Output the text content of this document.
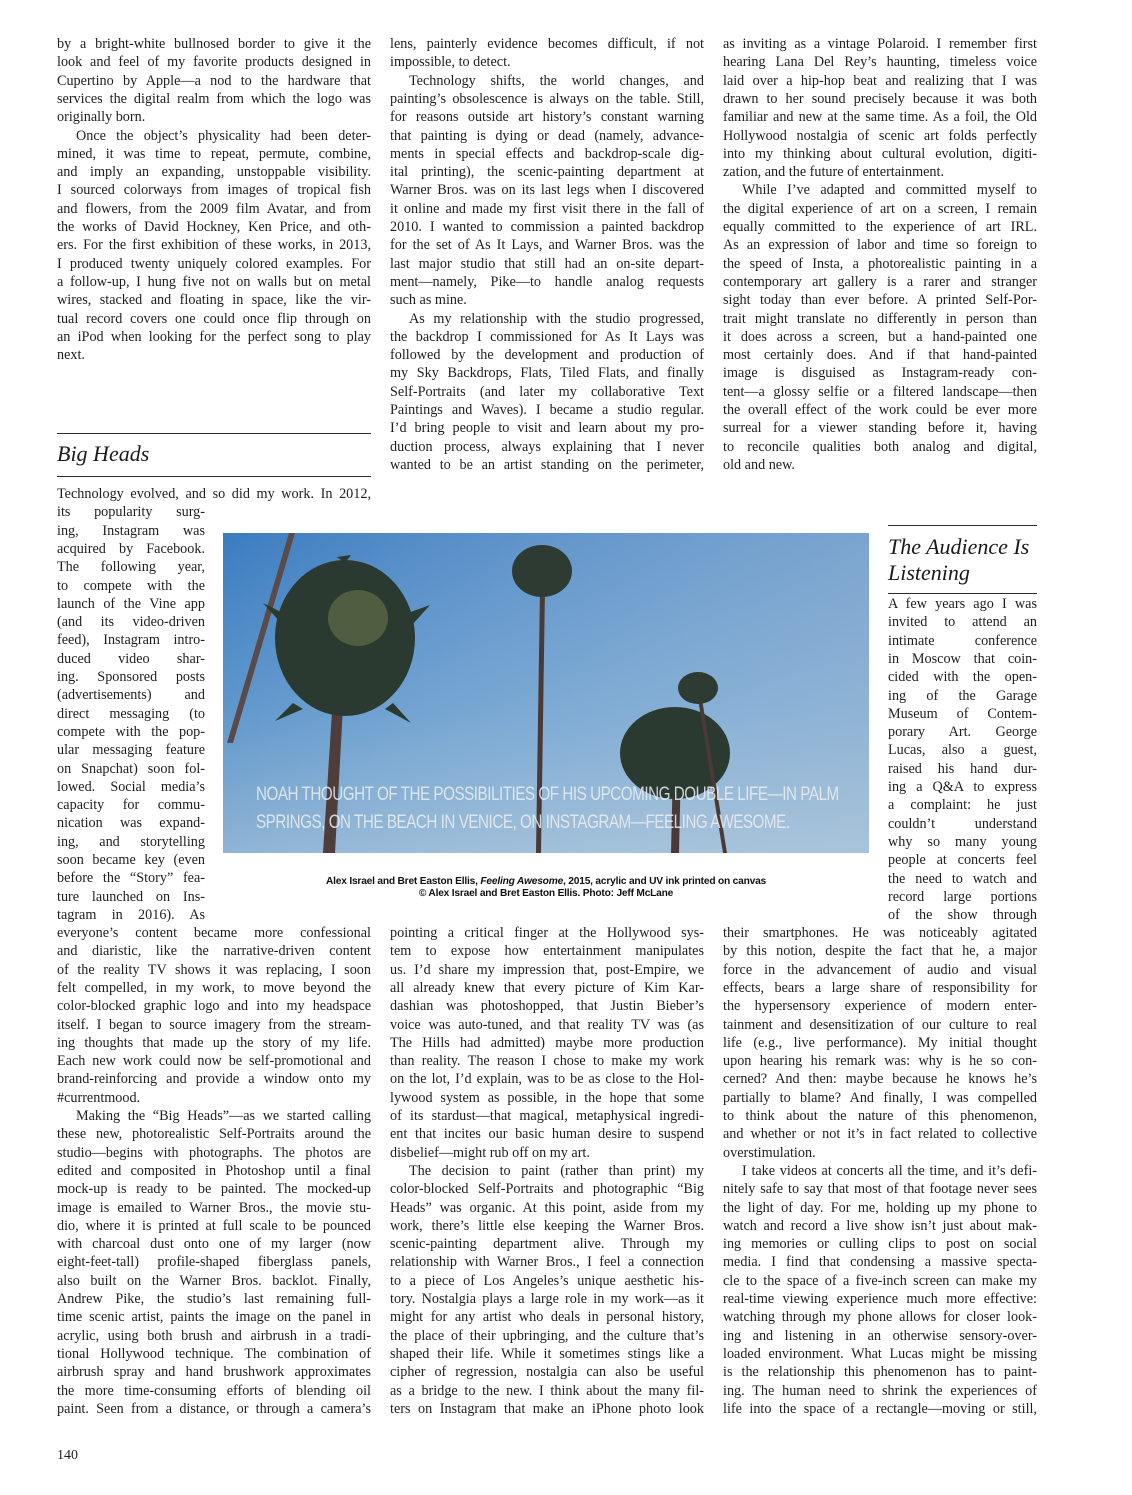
NOAH THOUGHT OF THE POSSIBILITIES OF HIS UPCOMING DOUBLE LIFE—IN PALM
SPRINGS, ON THE BEACH IN VENICE, ON INSTAGRAM—FEELING AWESOME.
Alex Israel and Bret Easton Ellis, Feeling Awesome, 2015, acrylic and UV ink printed on canvas
© Alex Israel and Bret Easton Ellis. Photo: Jeff McLane
Big Heads
The Audience Is
Listening
140
by a bright-white bullnosed border to give it the
look and feel of my favorite products designed in
Cupertino by Apple—a nod to the hardware that
services the digital realm from which the logo was
originally born.
Once the object’s physicality had been deter-
mined, it was time to repeat, permute, combine,
and imply an expanding, unstoppable visibility.
I sourced colorways from images of tropical fish
and flowers, from the 2009 film Avatar, and from
the works of David Hockney, Ken Price, and oth-
ers. For the first exhibition of these works, in 2013,
I produced twenty uniquely colored examples. For
a follow-up, I hung five not on walls but on metal
wires, stacked and floating in space, like the vir-
tual record covers one could once flip through on
an iPod when looking for the perfect song to play
next.
Technology evolved, and so did my work. In 2012,
its popularity surg-
ing, Instagram was
acquired by Facebook.
The following year,
to compete with the
launch of the Vine app
(and its video-driven
feed), Instagram intro-
duced video shar-
ing. Sponsored posts
(advertisements) and
direct messaging (to
compete with the pop-
ular messaging feature
on Snapchat) soon fol-
lowed. Social media’s
capacity for commu-
nication was expand-
ing, and storytelling
soon became key (even
before the “Story” fea-
ture launched on Ins-
tagram in 2016). As
everyone’s content became more confessional
and diaristic, like the narrative-driven content
of the reality TV shows it was replacing, I soon
felt compelled, in my work, to move beyond the
color-blocked graphic logo and into my headspace
itself. I began to source imagery from the stream-
ing thoughts that made up the story of my life.
Each new work could now be self-promotional and
brand-reinforcing and provide a window onto my
#currentmood.
Making the “Big Heads”—as we started calling
these new, photorealistic Self-Portraits around the
studio—begins with photographs. The photos are
edited and composited in Photoshop until a final
mock-up is ready to be painted. The mocked-up
image is emailed to Warner Bros., the movie stu-
dio, where it is printed at full scale to be pounced
with charcoal dust onto one of my larger (now
eight-feet-tall) profile-shaped fiberglass panels,
also built on the Warner Bros. backlot. Finally,
Andrew Pike, the studio’s last remaining full-
time scenic artist, paints the image on the panel in
acrylic, using both brush and airbrush in a tradi-
tional Hollywood technique. The combination of
airbrush spray and hand brushwork approximates
the more time-consuming efforts of blending oil
paint. Seen from a distance, or through a camera’s
lens, painterly evidence becomes difficult, if not
impossible, to detect.
Technology shifts, the world changes, and
painting’s obsolescence is always on the table. Still,
for reasons outside art history’s constant warning
that painting is dying or dead (namely, advance-
ments in special effects and backdrop-scale dig-
ital printing), the scenic-painting department at
Warner Bros. was on its last legs when I discovered
it online and made my first visit there in the fall of
2010. I wanted to commission a painted backdrop
for the set of As It Lays, and Warner Bros. was the
last major studio that still had an on-site depart-
ment—namely, Pike—to handle analog requests
such as mine.
As my relationship with the studio progressed,
the backdrop I commissioned for As It Lays was
followed by the development and production of
my Sky Backdrops, Flats, Tiled Flats, and finally
Self-Portraits (and later my collaborative Text
Paintings and Waves). I became a studio regular.
I’d bring people to visit and learn about my pro-
duction process, always explaining that I never
wanted to be an artist standing on the perimeter,
pointing a critical finger at the Hollywood sys-
tem to expose how entertainment manipulates
us. I’d share my impression that, post-Empire, we
all already knew that every picture of Kim Kar-
dashian was photoshopped, that Justin Bieber’s
voice was auto-tuned, and that reality TV was (as
The Hills had admitted) maybe more production
than reality. The reason I chose to make my work
on the lot, I’d explain, was to be as close to the Hol-
lywood system as possible, in the hope that some
of its stardust—that magical, metaphysical ingredi-
ent that incites our basic human desire to suspend
disbelief—might rub off on my art.
The decision to paint (rather than print) my
color-blocked Self-Portraits and photographic “Big
Heads” was organic. At this point, aside from my
work, there’s little else keeping the Warner Bros.
scenic-painting department alive. Through my
relationship with Warner Bros., I feel a connection
to a piece of Los Angeles’s unique aesthetic his-
tory. Nostalgia plays a large role in my work—as it
might for any artist who deals in personal history,
the place of their upbringing, and the culture that’s
shaped their life. While it sometimes stings like a
cipher of regression, nostalgia can also be useful
as a bridge to the new. I think about the many fil-
ters on Instagram that make an iPhone photo look
as inviting as a vintage Polaroid. I remember first
hearing Lana Del Rey’s haunting, timeless voice
laid over a hip-hop beat and realizing that I was
drawn to her sound precisely because it was both
familiar and new at the same time. As a foil, the Old
Hollywood nostalgia of scenic art folds perfectly
into my thinking about cultural evolution, digiti-
zation, and the future of entertainment.
While I’ve adapted and committed myself to
the digital experience of art on a screen, I remain
equally committed to the experience of art IRL.
As an expression of labor and time so foreign to
the speed of Insta, a photorealistic painting in a
contemporary art gallery is a rarer and stranger
sight today than ever before. A printed Self-Por-
trait might translate no differently in person than
it does across a screen, but a hand-painted one
most certainly does. And if that hand-painted
image is disguised as Instagram-ready con-
tent—a glossy selfie or a filtered landscape—then
the overall effect of the work could be ever more
surreal for a viewer standing before it, having
to reconcile qualities both analog and digital,
old and new.
A few years ago I was
invited to attend an
intimate conference
in Moscow that coin-
cided with the open-
ing of the Garage
Museum of Contem-
porary Art. George
Lucas, also a guest,
raised his hand dur-
ing a Q&A to express
a complaint: he just
couldn’t understand
why so many young
people at concerts feel
the need to watch and
record large portions
of the show through
their smartphones. He was noticeably agitated
by this notion, despite the fact that he, a major
force in the advancement of audio and visual
effects, bears a large share of responsibility for
the hypersensory experience of modern enter-
tainment and desensitization of our culture to real
life (e.g., live performance). My initial thought
upon hearing his remark was: why is he so con-
cerned? And then: maybe because he knows he’s
partially to blame? And finally, I was compelled
to think about the nature of this phenomenon,
and whether or not it’s in fact related to collective
overstimulation.
I take videos at concerts all the time, and it’s defi-
nitely safe to say that most of that footage never sees
the light of day. For me, holding up my phone to
watch and record a live show isn’t just about mak-
ing memories or culling clips to post on social
media. I find that condensing a massive specta-
cle to the space of a five-inch screen can make my
real-time viewing experience much more effective:
watching through my phone allows for closer look-
ing and listening in an otherwise sensory-over-
loaded environment. What Lucas might be missing
is the relationship this phenomenon has to paint-
ing. The human need to shrink the experiences of
life into the space of a rectangle—moving or still,
